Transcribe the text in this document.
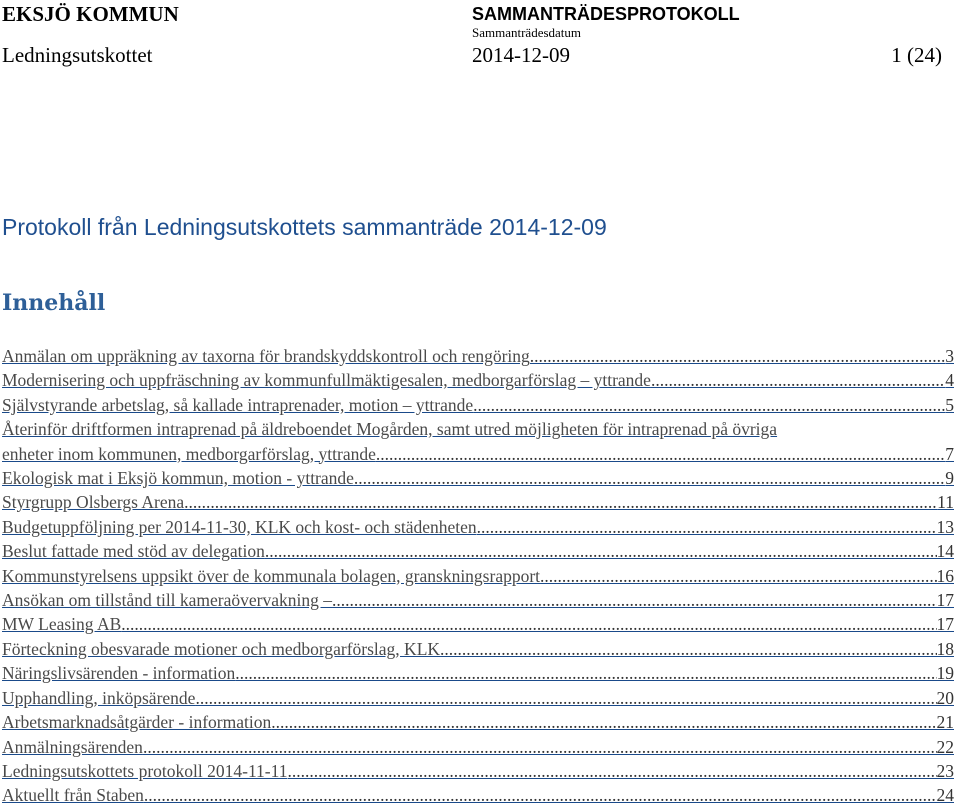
EKSJÖ KOMMUN	SAMMANTRÄDESPROTOKOLL
Sammanträdesdatum
Ledningsutskottet	2014-12-09	1 (24)
Protokoll från Ledningsutskottets sammanträde 2014-12-09
Innehåll
Anmälan om uppräkning av taxorna för brandskyddskontroll och rengöring .....	3
Modernisering och uppfräschning av kommunfullmäktigesalen, medborgarförslag – yttrande .....	4
Självstyrande arbetslag, så kallade intraprenader, motion – yttrande .....	5
Återinför driftformen intraprenad på äldreboendet Mogården, samt utred möjligheten för intraprenad på övriga
enheter inom kommunen, medborgarförslag, yttrande .....	7
Ekologisk mat i Eksjö kommun, motion - yttrande .....	9
Styrgrupp Olsbergs Arena .....	11
Budgetuppföljning per 2014-11-30, KLK och kost- och städenheten .....	13
Beslut fattade med stöd av delegation .....	14
Kommunstyrelsens uppsikt över de kommunala bolagen, granskningsrapport .....	16
Ansökan om tillstånd till kameraövervakning – .....	17
MW Leasing AB .....	17
Förteckning obesvarade motioner och medborgarförslag, KLK .....	18
Näringslivsärenden - information .....	19
Upphandling, inköpsärende .....	20
Arbetsmarknadsåtgärder - information .....	21
Anmälningsärenden .....	22
Ledningsutskottets protokoll 2014-11-11 .....	23
Aktuellt från Staben .....	24
